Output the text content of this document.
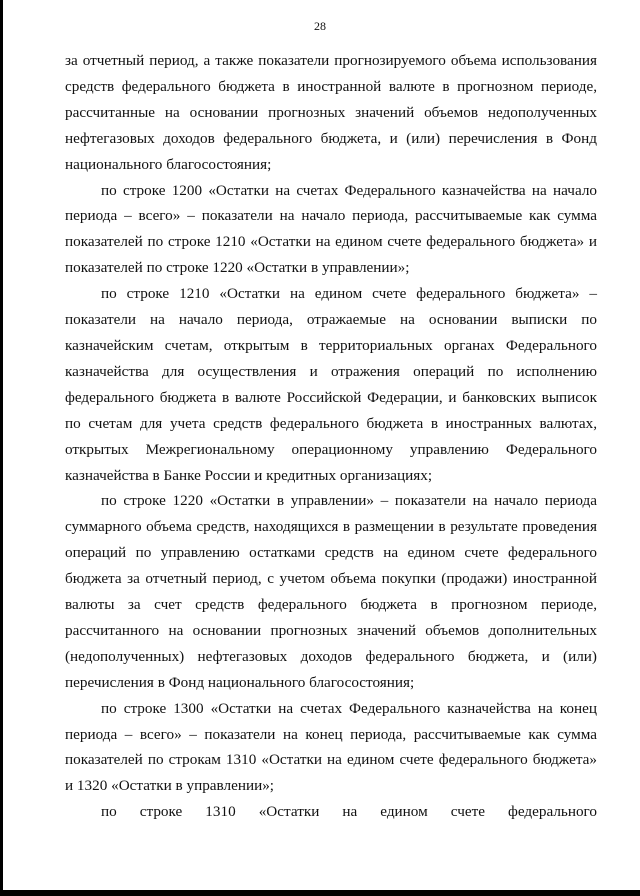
28

за отчетный период, а также показатели прогнозируемого объема использования средств федерального бюджета в иностранной валюте в прогнозном периоде, рассчитанные на основании прогнозных значений объемов недополученных нефтегазовых доходов федерального бюджета, и (или) перечисления в Фонд национального благосостояния;

по строке 1200 «Остатки на счетах Федерального казначейства на начало периода – всего» – показатели на начало периода, рассчитываемые как сумма показателей по строке 1210 «Остатки на едином счете федерального бюджета» и показателей по строке 1220 «Остатки в управлении»;

по строке 1210 «Остатки на едином счете федерального бюджета» – показатели на начало периода, отражаемые на основании выписки по казначейским счетам, открытым в территориальных органах Федерального казначейства для осуществления и отражения операций по исполнению федерального бюджета в валюте Российской Федерации, и банковских выписок по счетам для учета средств федерального бюджета в иностранных валютах, открытых Межрегиональному операционному управлению Федерального казначейства в Банке России и кредитных организациях;

по строке 1220 «Остатки в управлении» – показатели на начало периода суммарного объема средств, находящихся в размещении в результате проведения операций по управлению остатками средств на едином счете федерального бюджета за отчетный период, с учетом объема покупки (продажи) иностранной валюты за счет средств федерального бюджета в прогнозном периоде, рассчитанного на основании прогнозных значений объемов дополнительных (недополученных) нефтегазовых доходов федерального бюджета, и (или) перечисления в Фонд национального благосостояния;

по строке 1300 «Остатки на счетах Федерального казначейства на конец периода – всего» – показатели на конец периода, рассчитываемые как сумма показателей по строкам 1310 «Остатки на едином счете федерального бюджета» и 1320 «Остатки в управлении»;

по строке 1310 «Остатки на едином счете федерального
